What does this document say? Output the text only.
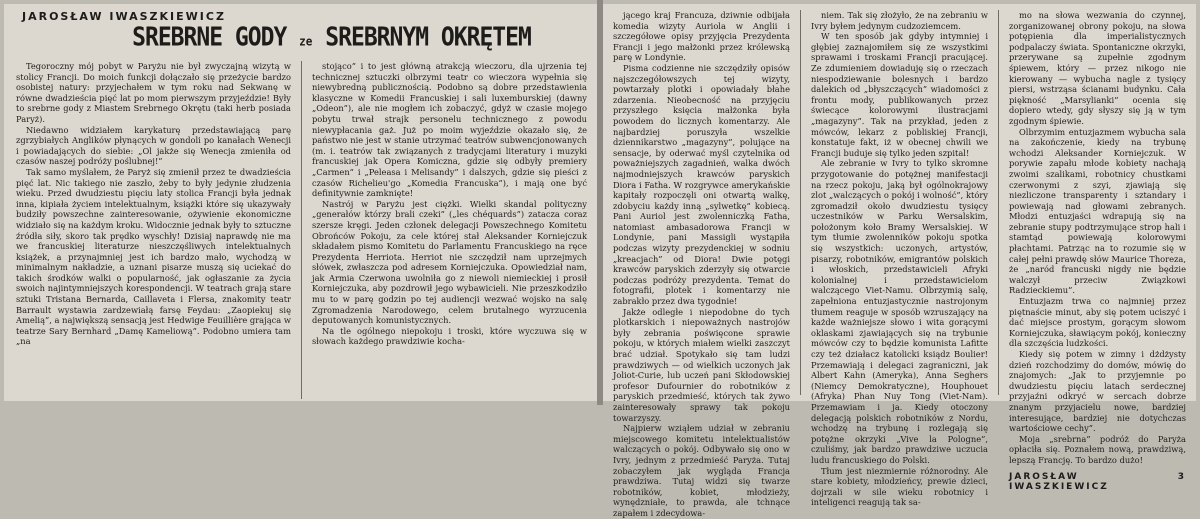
JAROSŁAW IWASZKIEWICZ
SREBRNE GODY ze SREBRNYM OKRĘTEM

Tegoroczny mój pobyt w Paryżu nie był zwyczajną wizytą w stolicy Francji. Do moich funkcji dołączało się przeżycie bardzo osobistej natury: przyjechałem w tym roku nad Sekwanę w równe dwadzieścia pięć lat po mom pierwszym przyjeździe! Były to srebrne gody z Miastem Srebrnego Okrętu (taki herb posiada Paryż).

Niedawno widziałem karykaturę przedstawiającą parę zgrzybiałych Anglików płynących w gondoli po kanałach Wenecji i powiadających do siebie: „Ol jakże się Wenecja zmieniła od czasów naszej podróży poślubnej!”

Tak samo myślałem, że Paryż się zmienił przez te dwadzieścia pięć lat. Nic takiego nie zaszło, żeby to były jedynie złudzenia wieku. Przed dwudziestu pięciu laty stolica Francji była jednak inna, kipiała życiem intelektualnym, książki które się ukazywały budziły powszechne zainteresowanie, ożywienie ekonomiczne widziało się na każdym kroku. Widocznie jednak były to sztuczne źródła siły, skoro tak prędko wyschły! Dzisiaj naprawdę nie ma we francuskiej literaturze nieszczęśliwych intelektualnych książek, a przynajmniej jest ich bardzo mało, wychodzą w minimalnym nakładzie, a uznani pisarze muszą się uciekać do takich środków walki o popularność, jak ogłaszanie za życia swoich najintymniejszych korespondencji. W teatrach grają stare sztuki Tristana Bernarda, Caillaveta i Flersa, znakomity teatr Barrault wystawia zardzewiałą farsę Feydau: „Zaopiekuj się Amelią”, a największą sensacją jest Hedwige Feuillière grająca w teatrze Sary Bernhard „Damę Kameliową”. Podobno umiera tam „na

stojąco” i to jest główną atrakcją wieczoru, dla ujrzenia tej technicznej sztuczki olbrzymi teatr co wieczora wypełnia się niewybredną publicznością. Podobno są dobre przedstawienia klasyczne w Komedii Francuskiej i sali luxemburskiej (dawny „Odeon”), ale nie mogłem ich zobaczyć, gdyż w czasie mojego pobytu trwał strajk personelu technicznego z powodu niewypłacania gaż. Już po moim wyjeździe okazało się, że państwo nie jest w stanie utrzymać teatrów subwencjonowanych (m. i. teatrów tak związanych z tradycjami literatury i muzyki francuskiej jak Opera Komiczna, gdzie się odbyły premiery „Carmen” i „Peleasa i Melisandy” i dalszych, gdzie się pieści z czasów Richelieu'go „Komedia Francuska”), i mają one być definitywnie zamknięte!

Nastrój w Paryżu jest ciężki. Wielki skandal polityczny „generałów którzy brali czeki” („les chéquards”) zatacza coraz szersze kręgi. Jeden członek delegacji Powszechnego Komitetu Obrońców Pokoju, za cele której stał Aleksander Korniejczuk składałem pismo Komitetu do Parlamentu Francuskiego na ręce Prezydenta Herriota. Herriot nie szczędził nam uprzejmych słówek, zwłaszcza pod adresem Korniejczuka. Opowiedział nam, jak Armia Czerwona uwolniła go z niewoli niemieckiej i prosił Korniejczuka, aby pozdrowił jego wybawicieli. Nie przeszkodziło mu to w parę godzin po tej audiencji wezwać wojsko na salę Zgromadzenia Narodowego, celem brutalnego wyrzucenia deputowanych komunistycznych.

Na tle ogólnego niepokoju i troski, które wyczuwa się w słowach każdego prawdziwie kocha-

jącego kraj Francuza, dziwnie odbijała komedia wizyty Auriola w Anglii i szczegółowe opisy przyjęcia Prezydenta Francji i jego małżonki przez królewską parę w Londynie.

Pisma codzienne nie szczędziły opisów najszczegółowszych tej wizyty, powtarzały plotki i opowiadały błahe zdarzenia. Nieobecność na przyjęciu przyszłego księcia małżonka była powodem do licznych komentarzy. Ale najbardziej poruszyła wszelkie dziennikarstwo „magazyny”, polujące na sensacje, by oderwać myśl czytelnika od poważniejszych zagadnień, walka dwóch najmodniejszych krawców paryskich Diora i Fatha. W rozgrywce amerykańskie kapitały rozpoczęli oni otwartą walkę, zdobyciu każdy inną „sylwetkę” kobiecą. Pani Auriol jest zwolenniczką Fatha, natomiast ambasadorowa Francji w Londynie, pani Massigli wystąpiła podczas wizyty prezydenckiej w sodniu „kreacjach” od Diora! Dwie potęgi krawców paryskich zderzyły się otwarcie podczas podróży prezydenta. Temat do fotografii, plotek i komentarzy nie zabrakło przez dwa tygodnie!

Jakże odległe i niepodobne do tych plotkarskich i niepoważnych nastrojów były zebrania poświęcone sprawie pokoju, w których miałem wielki zaszczyt brać udział. Spotykało się tam ludzi prawdziwych — od wielkich uczonych jak Joliot-Curie, lub uczeń pani Skłodowskiej profesor Dufournier do robotników z paryskich przedmieść, których tak żywo zainteresowały sprawy tak pokoju towarzyszy.

Najpierw wziąłem udział w zebraniu miejscowego komitetu intelektualistów walczących o pokój. Odbywało się ono w Ivry, jednym z przedmieść Paryża. Tutaj zobaczyłem jak wygląda Francja prawdziwa. Tutaj widzi się twarze robotników, kobiet, młodzieży, wynędzniałe, to prawda, ale tchnące zapałem i zdecydowa-

niem. Tak się złożyło, że na zebraniu w Ivry byłem jedynym cudzoziemcem.

W ten sposób jak gdyby intymniej i głębiej zaznajomiłem się ze wszystkimi sprawami i troskami Francji pracującej. Ze zdumieniem dowiaduję się o rzeczach niespodziewanie bolesnych i bardzo dalekich od „błyszczących” wiadomości z frontu mody, publikowanych przez świecące kolorowymi ilustracjami „magazyny”. Tak na przykład, jeden z mówców, lekarz z pobliskiej Francji, konstatuje fakt, iż w obecnej chwili we Francji buduje się tylko jeden szpital!

Ale zebranie w Ivry to tylko skromne przygotowanie do potężnej manifestacji na rzecz pokoju, jaką był ogólnokrajowy zlot „walczących o pokój i wolność”, który zgromadził około dwudziestu tysięcy uczestników w Parku Wersalskim, położonym koło Bramy Wersalskiej. W tym tłumie zwolenników pokoju spotka się wszystkich: uczonych, artystów, pisarzy, robotników, emigrantów polskich i włoskich, przedstawicieli Afryki kolonialnej i przedstawicielom walczącego Viet-Namu. Olbrzymią salę, zapełniona entuzjastycznie nastrojonym tłumem reaguje w sposób wzruszający na każde ważniejsze słowo i wita gorącymi oklaskami zjawiających się na trybunie mówców czy to będzie komunista Lafitte czy też działacz katolicki ksiądz Boulier! Przemawiają i delegaci zagraniczni, jak Albert Kahn (Ameryka), Anna Seghers (Niemcy Demokratyczne), Houphouet (Afryka) Phan Nuy Tong (Viet-Nam). Przemawiam i ja. Kiedy otoczony delegacją polskich robotników z Nordu, wchodzę na trybunę i rozlegają się potężne okrzyki „Vive la Pologne”, czuliśmy, jak bardzo prawdziwe uczucia ludu francuskiego do Polski.

Tłum jest niezmiernie różnorodny. Ale stare kobiety, młodzieńcy, prewie dzieci, dojrzali w sile wieku robotnicy i inteligenci reagują tak sa-

mo na słowa wezwania do czynnej, zorganizowanej obrony pokoju, na słowa potępienia dla imperialistycznych podpalaczy świata. Spontaniczne okrzyki, przerywane są zupełnie zgodnym śpiewem, który — przez nikogo nie kierowany — wybucha nagle z tysięcy piersi, wstrząsa ścianami budynku. Cała piękność „Marsylianki” ocenia się dopiero wtedy, gdy słyszy się ją w tym zgodnym śpiewie.

Olbrzymim entuzjazmem wybucha sala na zakończenie, kiedy na trybunę wchodzi Aleksander Korniejczuk. W porywie zapału młode kobiety nachają zwoimi szalikami, robotnicy chustkami czerwonymi z szyi, zjawiają się niezliczone transparenty i sztandary i powiewają nad głowami zebranych. Młodzi entuzjaści wdrapują się na zebranie stupy podtrzymujące strop hali i stamtąd powiewają kolorowymi płachtami. Patrząc na to rozumie się w całej pełni prawdę słów Maurice Thoreza, że „naród francuski nigdy nie będzie walczył przeciw Związkowi Radzieckiemu”.

Entuzjazm trwa co najmniej przez piętnaście minut, aby się potem uciszyć i dać miejsce prostym, gorącym słowom Korniejczuka, sławiącym pokój, konieczny dla szczęścia ludzkości.

Kiedy się potem w zimny i dżdżysty dzień rozchodzimy do domów, mówię do znajomych: „Jak to przyjemnie po dwudziestu pięciu latach serdecznej przyjaźni odkryć w sercach dobrze znanym przyjacielu nowe, bardziej interesujące, bardziej nie dotychczas wartościowe cechy”.

Moja „srebrna” podróż do Paryża opłaciła się. Poznałem nową, prawdziwą, lepszą Francję. To bardzo dużo!

JAROSŁAW IWASZKIEWICZ
3
